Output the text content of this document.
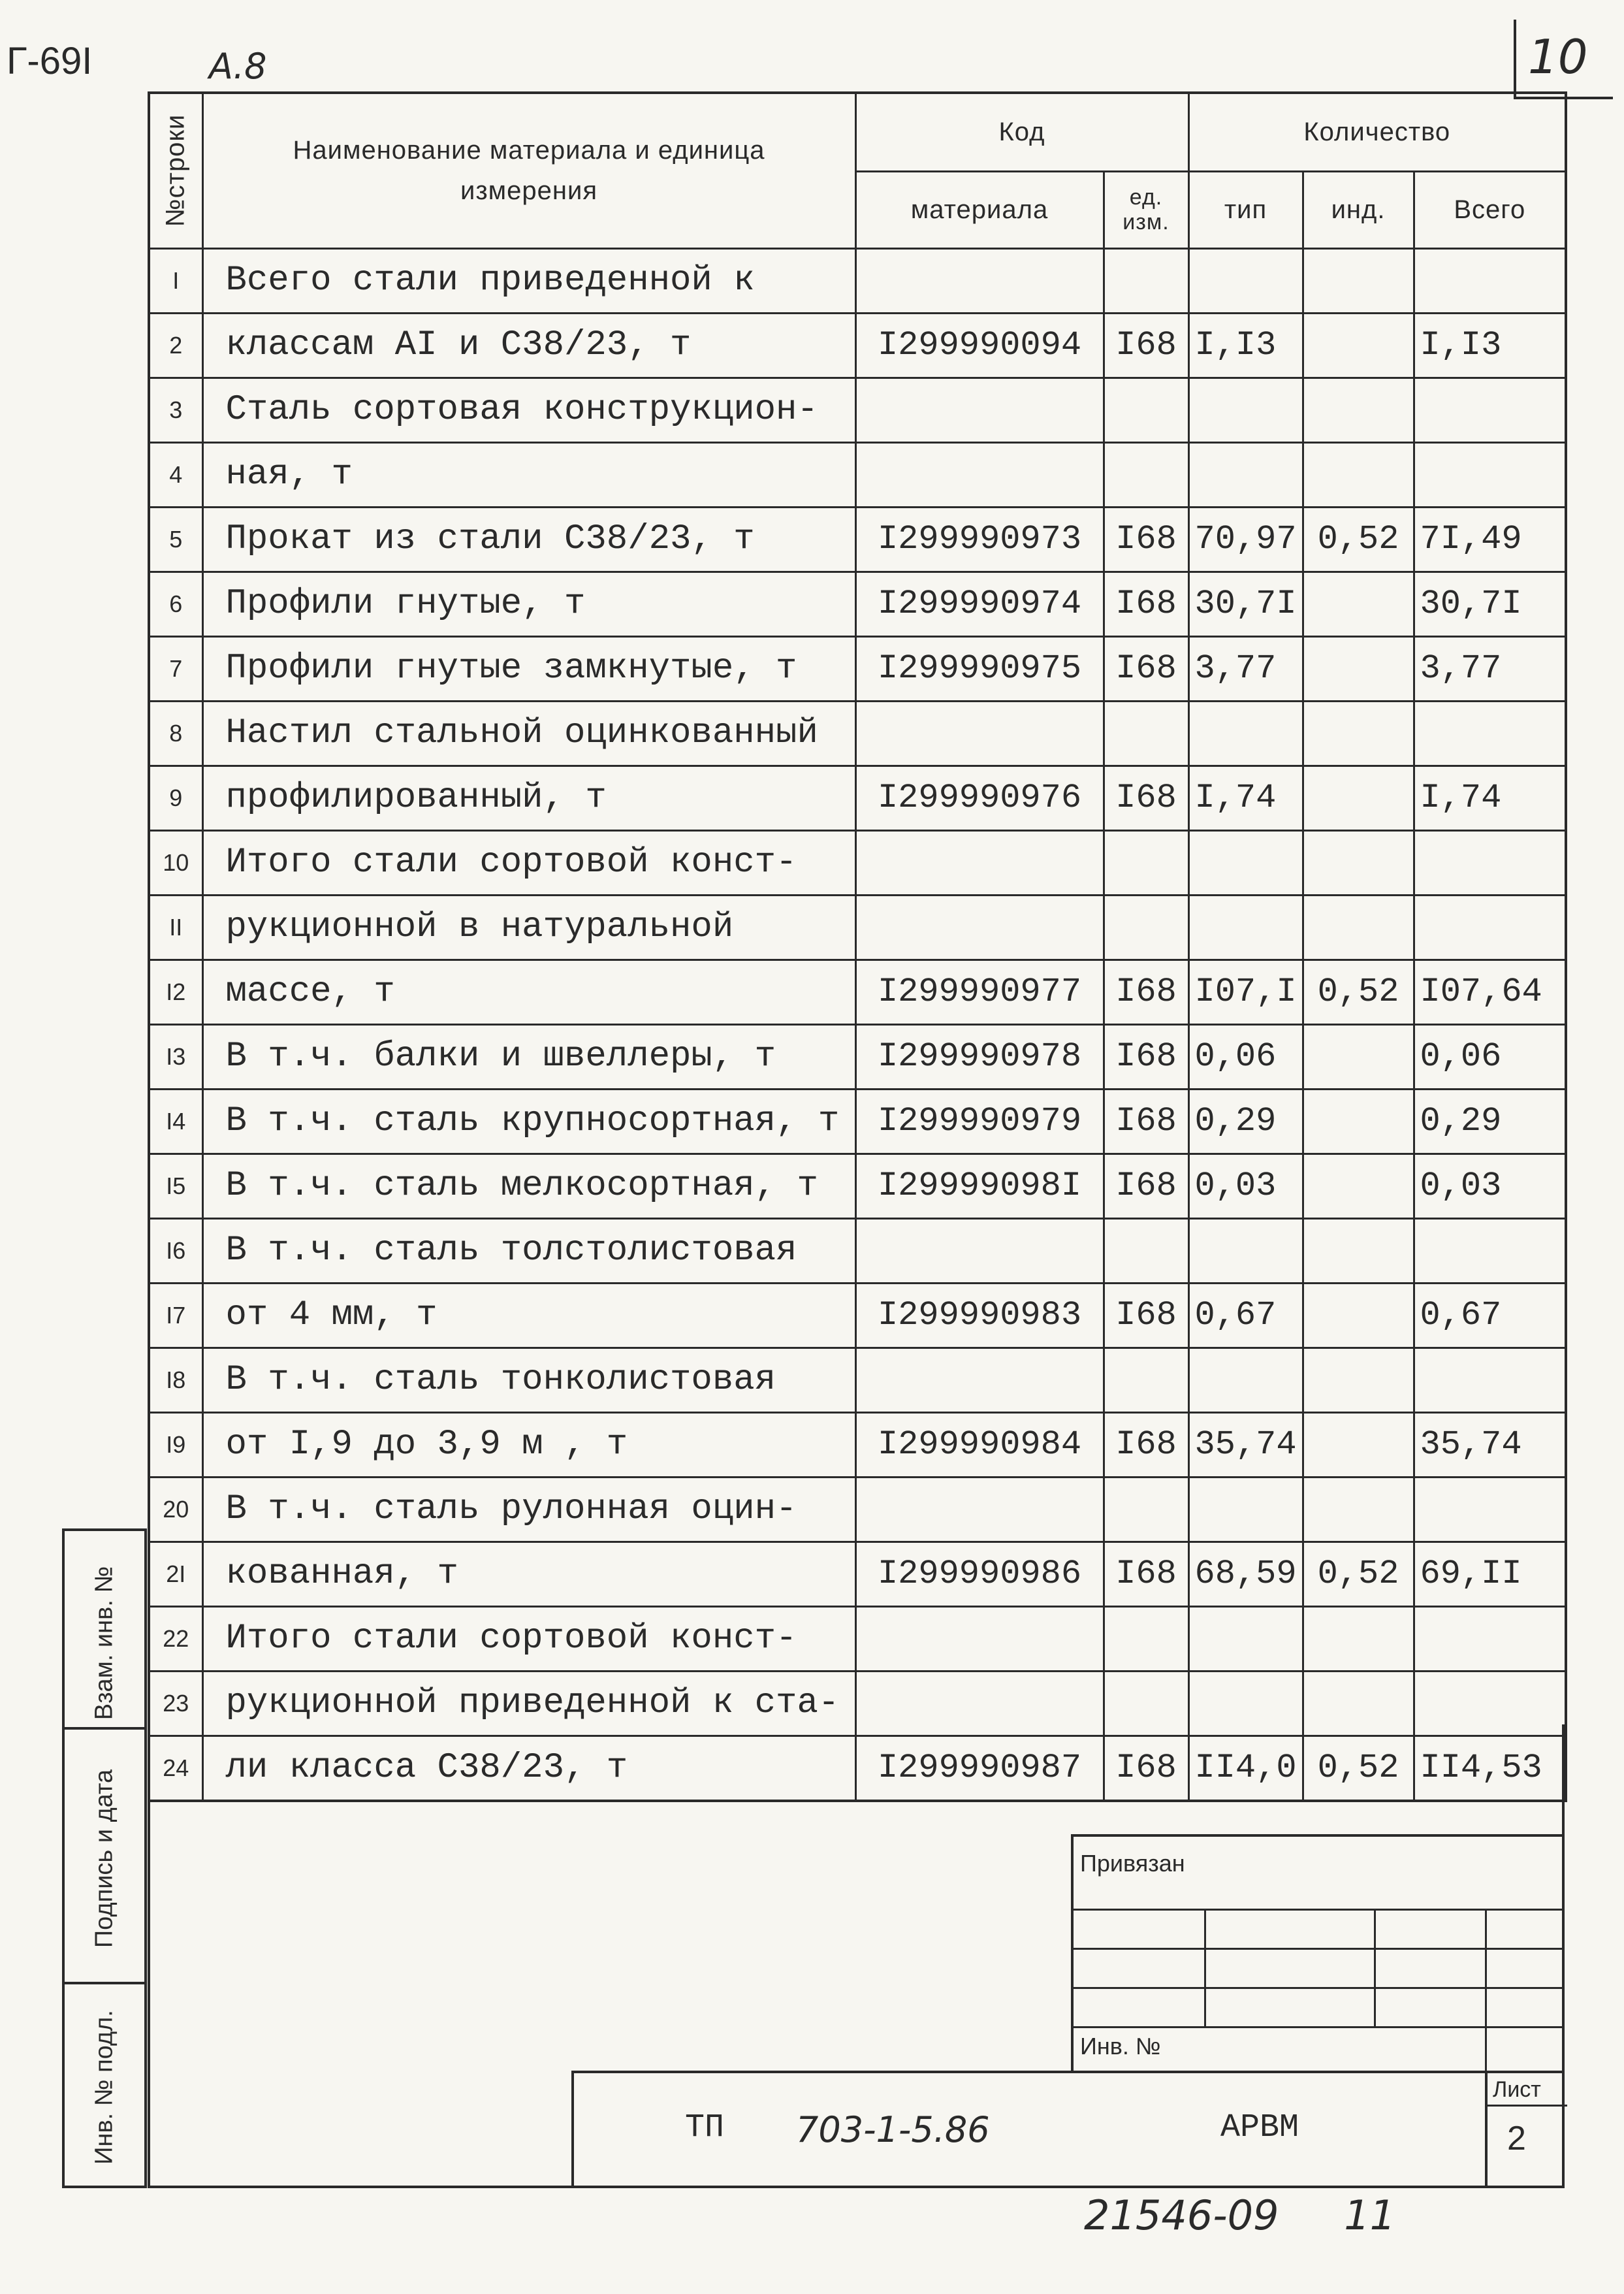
Г-69I	А.8	10
№строки	Наименование материала и единица измерения	Код		Количество		
		материала	ед. изм.	тип	инд.	Всего
I	Всего стали приведенной к					
2	классам АI и С38/23, т	I299990094	I68	I,I3		I,I3
3	Сталь сортовая конструкцион-					
4	ная, т					
5	Прокат из стали С38/23, т	I299990973	I68	70,97	0,52	7I,49
6	Профили гнутые, т	I299990974	I68	30,7I		30,7I
7	Профили гнутые замкнутые, т	I299990975	I68	3,77		3,77
8	Настил стальной оцинкованный					
9	профилированный, т	I299990976	I68	I,74		I,74
10	Итого стали сортовой конст-					
II	рукционной в натуральной					
I2	массе, т	I299990977	I68	I07,I	0,52	I07,64
I3	В т.ч. балки и швеллеры, т	I299990978	I68	0,06		0,06
I4	В т.ч. сталь крупносортная, т	I299990979	I68	0,29		0,29
I5	В т.ч. сталь мелкосортная, т	I29999098I	I68	0,03		0,03
I6	В т.ч. сталь толстолистовая					
I7	от 4 мм, т	I299990983	I68	0,67		0,67
I8	В т.ч. сталь тонколистовая					
I9	от I,9 до 3,9 м , т	I299990984	I68	35,74		35,74
20	В т.ч. сталь рулонная оцин-					
2I	кованная, т	I299990986	I68	68,59	0,52	69,II
22	Итого стали сортовой конст-					
23	рукционной приведенной к ста-					
24	ли класса С38/23, т	I299990987	I68	II4,0	0,52	II4,53
Взам. инв. №
Подпись и дата
Инв. № подл.
Привязан
Инв. №
ТП 703-1-5.86	АРВМ
Лист
2
21546-09 11
